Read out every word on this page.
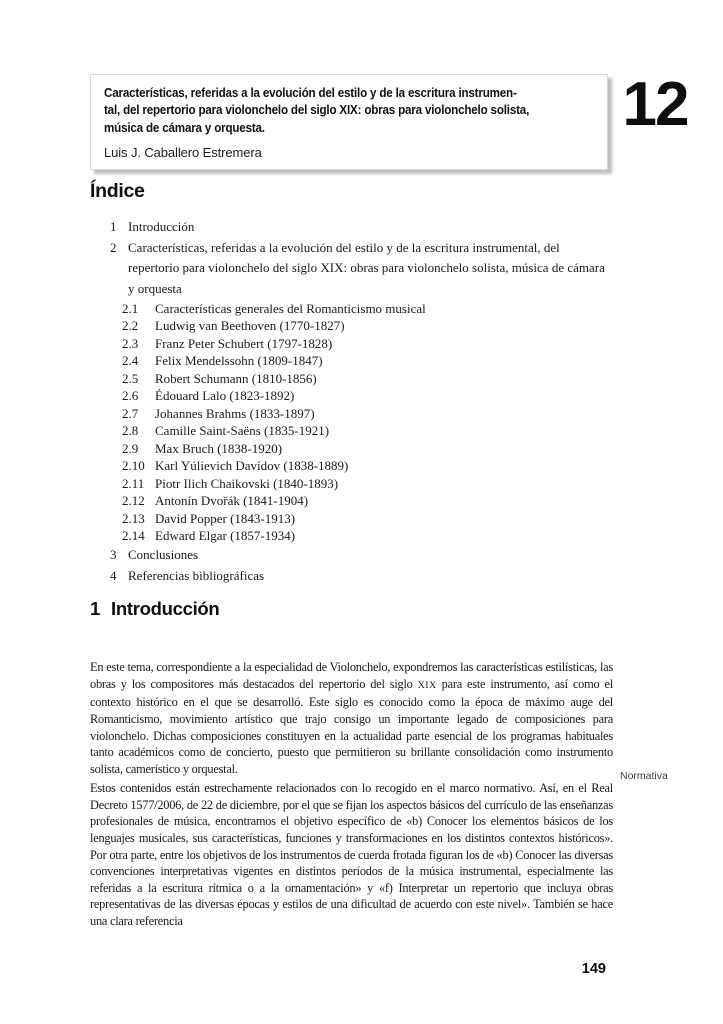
Características, referidas a la evolución del estilo y de la escritura instrumen-
tal, del repertorio para violonchelo del siglo XIX: obras para violonchelo solista,
música de cámara y orquesta.
Luis J. Caballero Estremera
12
Índice
1 Introducción
2 Características, referidas a la evolución del estilo y de la escritura instrumental, del repertorio para violonchelo del siglo XIX: obras para violonchelo solista, música de cámara y orquesta
2.1	Características generales del Romanticismo musical
2.2	Ludwig van Beethoven (1770-1827)
2.3	Franz Peter Schubert (1797-1828)
2.4	Felix Mendelssohn (1809-1847)
2.5	Robert Schumann (1810-1856)
2.6	Édouard Lalo (1823-1892)
2.7	Johannes Brahms (1833-1897)
2.8	Camille Saint-Saëns (1835-1921)
2.9	Max Bruch (1838-1920)
2.10 Karl Yúlievich Davídov (1838-1889)
2.11 Piotr Ilich Chaikovski (1840-1893)
2.12 Antonín Dvořák (1841-1904)
2.13 David Popper (1843-1913)
2.14 Edward Elgar (1857-1934)
3 Conclusiones
4 Referencias bibliográficas
1 Introducción

En este tema, correspondiente a la especialidad de Violonchelo, expondremos las características estilísticas, las obras y los compositores más destacados del repertorio del siglo XIX para este instrumento, así como el contexto histórico en el que se desarrolló. Este siglo es conocido como la época de máximo auge del Romanticismo, movimiento artístico que trajo consigo un importante legado de composiciones para violonchelo. Dichas composiciones constituyen en la actualidad parte esencial de los programas habituales tanto académicos como de concierto, puesto que permitieron su brillante consolidación como instrumento solista, camerístico y orquestal.

Estos contenidos están estrechamente relacionados con lo recogido en el marco normativo. Así, en el Real Decreto 1577/2006, de 22 de diciembre, por el que se fijan los aspectos básicos del currículo de las enseñanzas profesionales de música, encontramos el objetivo específico de «b) Conocer los elementos básicos de los lenguajes musicales, sus características, funciones y transformaciones en los distintos contextos históricos». Por otra parte, entre los objetivos de los instrumentos de cuerda frotada figuran los de «b) Conocer las diversas convenciones interpretativas vigentes en distintos períodos de la música instrumental, especialmente las referidas a la escritura rítmica o a la ornamentación» y «f) Interpretar un repertorio que incluya obras representativas de las diversas épocas y estilos de una dificultad de acuerdo con este nivel». También se hace una clara referencia

Normativa
149
